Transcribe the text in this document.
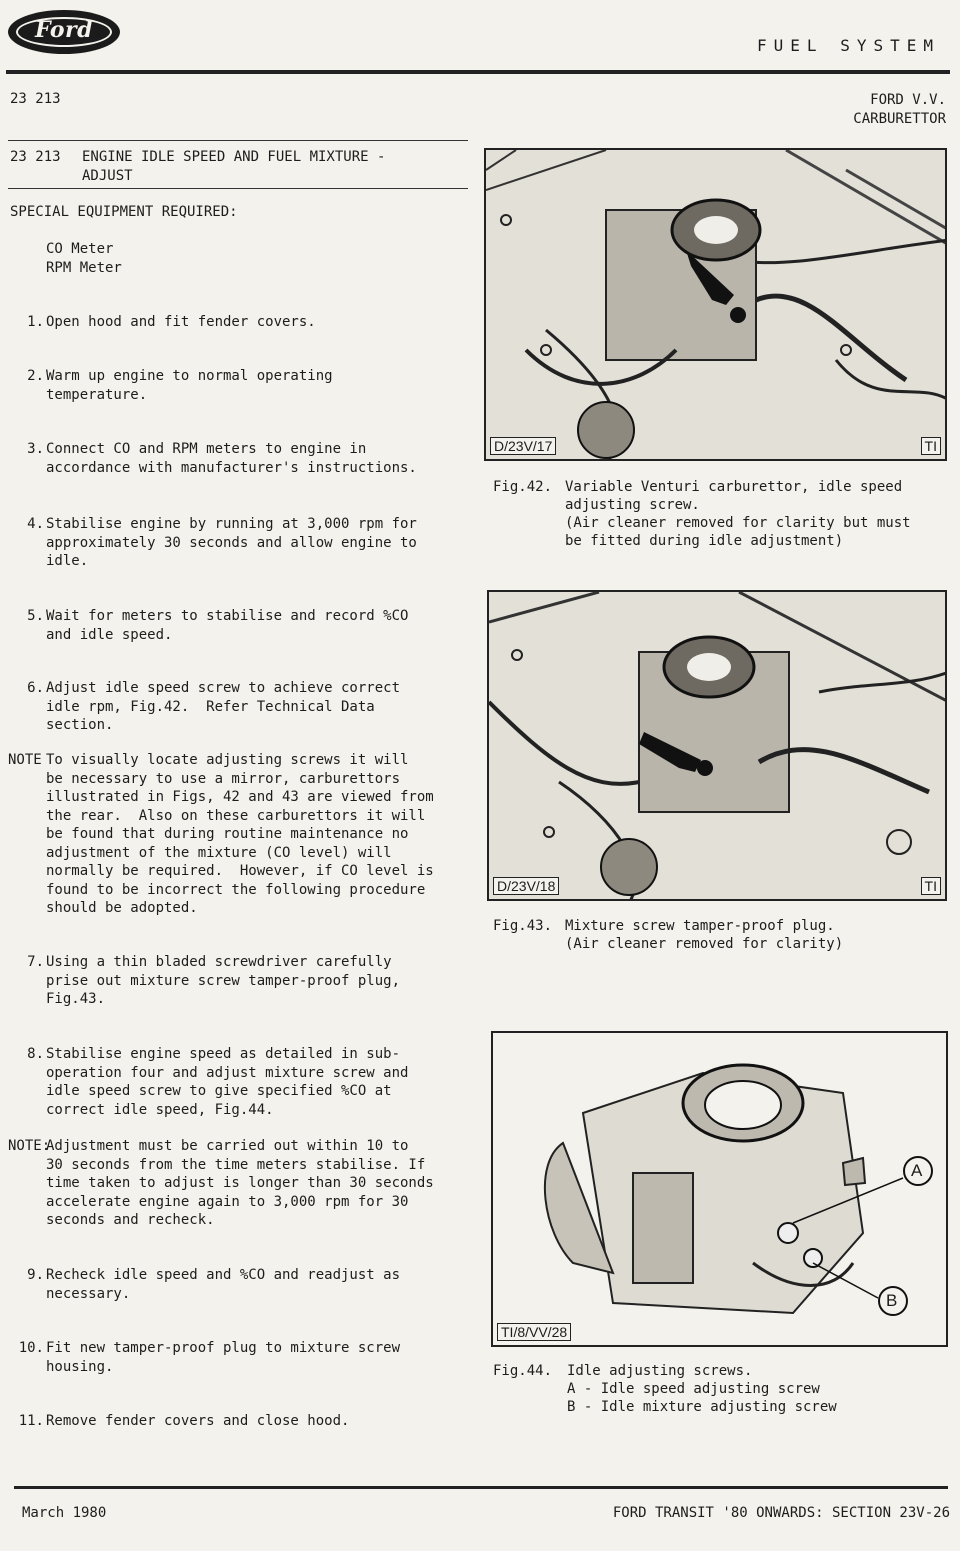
Ford
FUEL SYSTEM
23 213	FORD V.V.
CARBURETTOR
23 213 ENGINE IDLE SPEED AND FUEL MIXTURE -
ADJUST
SPECIAL EQUIPMENT REQUIRED:
CO Meter
RPM Meter
1. Open hood and fit fender covers.
2. Warm up engine to normal operating
temperature.
3. Connect CO and RPM meters to engine in
accordance with manufacturer's instructions.
4. Stabilise engine by running at 3,000 rpm for
approximately 30 seconds and allow engine to
idle.
5. Wait for meters to stabilise and record %CO
and idle speed.
6. Adjust idle speed screw to achieve correct
idle rpm, Fig.42.  Refer Technical Data
section.
NOTE To visually locate adjusting screws it will
be necessary to use a mirror, carburettors
illustrated in Figs, 42 and 43 are viewed from
the rear.  Also on these carburettors it will
be found that during routine maintenance no
adjustment of the mixture (CO level) will
normally be required.  However, if CO level is
found to be incorrect the following procedure
should be adopted.
7. Using a thin bladed screwdriver carefully
prise out mixture screw tamper-proof plug,
Fig.43.
8. Stabilise engine speed as detailed in sub-
operation four and adjust mixture screw and
idle speed screw to give specified %CO at
correct idle speed, Fig.44.
NOTE:
Adjustment must be carried out within 10 to
30 seconds from the time meters stabilise. If
time taken to adjust is longer than 30 seconds
accelerate engine again to 3,000 rpm for 30
seconds and recheck.
9. Recheck idle speed and %CO and readjust as
necessary.
10. Fit new tamper-proof plug to mixture screw
housing.
11. Remove fender covers and close hood.
D/23V/17	TI
Fig.42. Variable Venturi carburettor, idle speed
adjusting screw.
(Air cleaner removed for clarity but must
be fitted during idle adjustment)
D/23V/18	TI
Fig.43. Mixture screw tamper-proof plug.
(Air cleaner removed for clarity)
A
B
TI/8/VV/28
Fig.44. Idle adjusting screws.
A - Idle speed adjusting screw
B - Idle mixture adjusting screw
March 1980	FORD TRANSIT '80 ONWARDS: SECTION 23V-26
